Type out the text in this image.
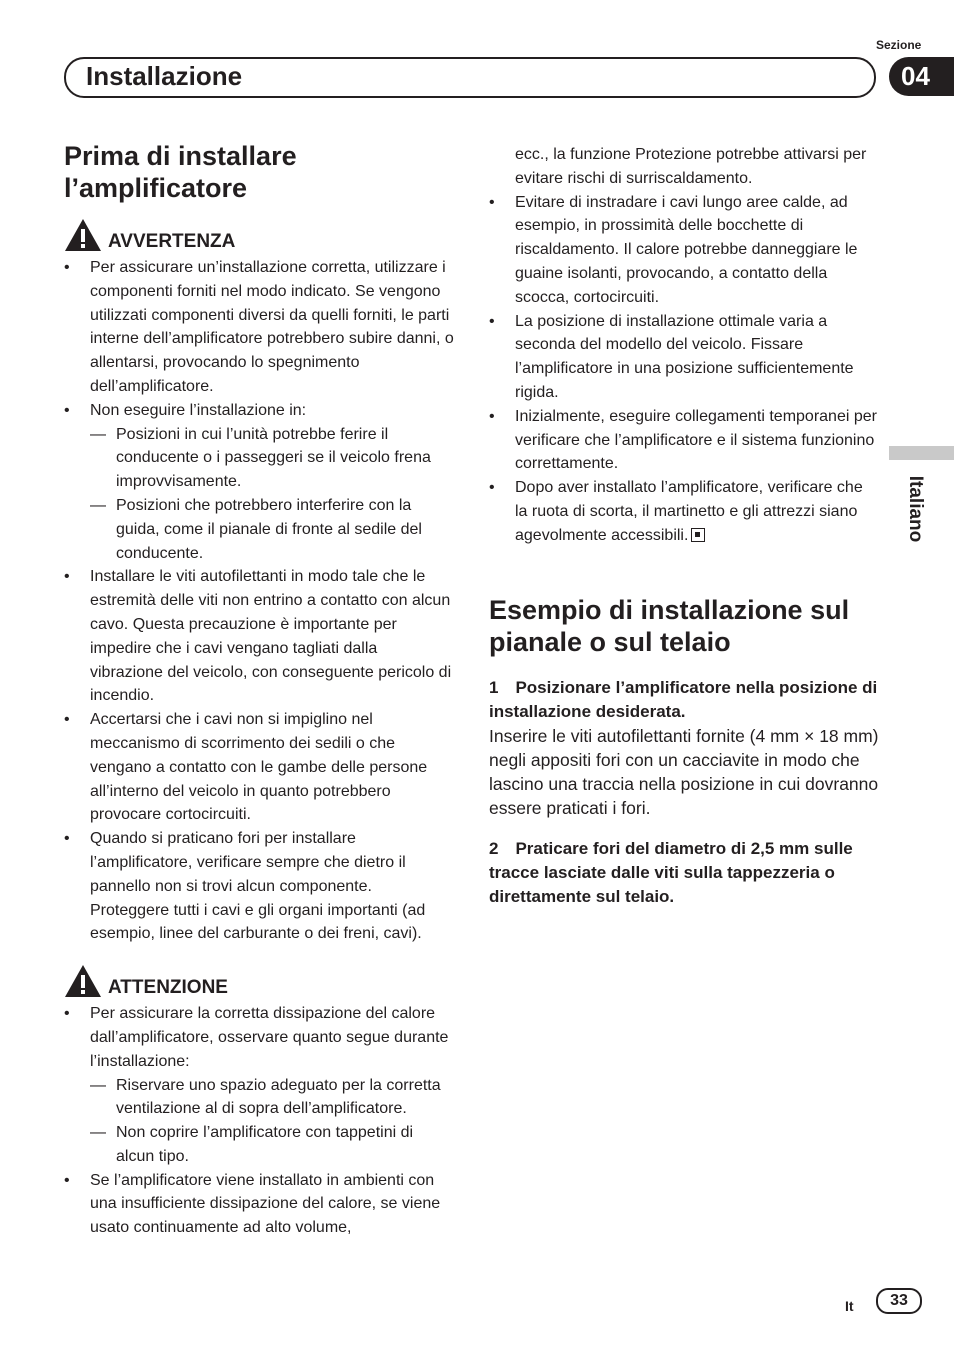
Sezione
Installazione	04
Italiano
Prima di installare
l’amplificatore
AVVERTENZA
• Per assicurare un’installazione corretta, utilizzare i componenti forniti nel modo indicato. Se vengono utilizzati componenti diversi da quelli forniti, le parti interne dell’amplificatore potrebbero subire danni, o allentarsi, provocando lo spegnimento dell’amplificatore.
• Non eseguire l’installazione in:
— Posizioni in cui l’unità potrebbe ferire il conducente o i passeggeri se il veicolo frena improvvisamente.
— Posizioni che potrebbero interferire con la guida, come il pianale di fronte al sedile del conducente.
• Installare le viti autofilettanti in modo tale che le estremità delle viti non entrino a contatto con alcun cavo. Questa precauzione è importante per impedire che i cavi vengano tagliati dalla vibrazione del veicolo, con conseguente pericolo di incendio.
• Accertarsi che i cavi non si impiglino nel meccanismo di scorrimento dei sedili o che vengano a contatto con le gambe delle persone all’interno del veicolo in quanto potrebbero provocare cortocircuiti.
• Quando si praticano fori per installare l’amplificatore, verificare sempre che dietro il pannello non si trovi alcun componente. Proteggere tutti i cavi e gli organi importanti (ad esempio, linee del carburante o dei freni, cavi).
ATTENZIONE
• Per assicurare la corretta dissipazione del calore dall’amplificatore, osservare quanto segue durante l’installazione:
— Riservare uno spazio adeguato per la corretta ventilazione al di sopra dell’amplificatore.
— Non coprire l’amplificatore con tappetini di alcun tipo.
• Se l’amplificatore viene installato in ambienti con una insufficiente dissipazione del calore, se viene usato continuamente ad alto volume,

ecc., la funzione Protezione potrebbe attivarsi per evitare rischi di surriscaldamento.

• Evitare di instradare i cavi lungo aree calde, ad esempio, in prossimità delle bocchette di riscaldamento. Il calore potrebbe danneggiare le guaine isolanti, provocando, a contatto della scocca, cortocircuiti.
• La posizione di installazione ottimale varia a seconda del modello del veicolo. Fissare l’amplificatore in una posizione sufficientemente rigida.
• Inizialmente, eseguire collegamenti temporanei per verificare che l’amplificatore e il sistema funzionino correttamente.
• Dopo aver installato l’amplificatore, verificare che la ruota di scorta, il martinetto e gli attrezzi siano agevolmente accessibili.
Esempio di installazione sul
pianale o sul telaio

1 Posizionare l’amplificatore nella posizione di installazione desiderata.

Inserire le viti autofilettanti fornite (4 mm × 18 mm) negli appositi fori con un cacciavite in modo che lascino una traccia nella posizione in cui dovranno essere praticati i fori.

2 Praticare fori del diametro di 2,5 mm sulle tracce lasciate dalle viti sulla tappezzeria o direttamente sul telaio.

It	33
